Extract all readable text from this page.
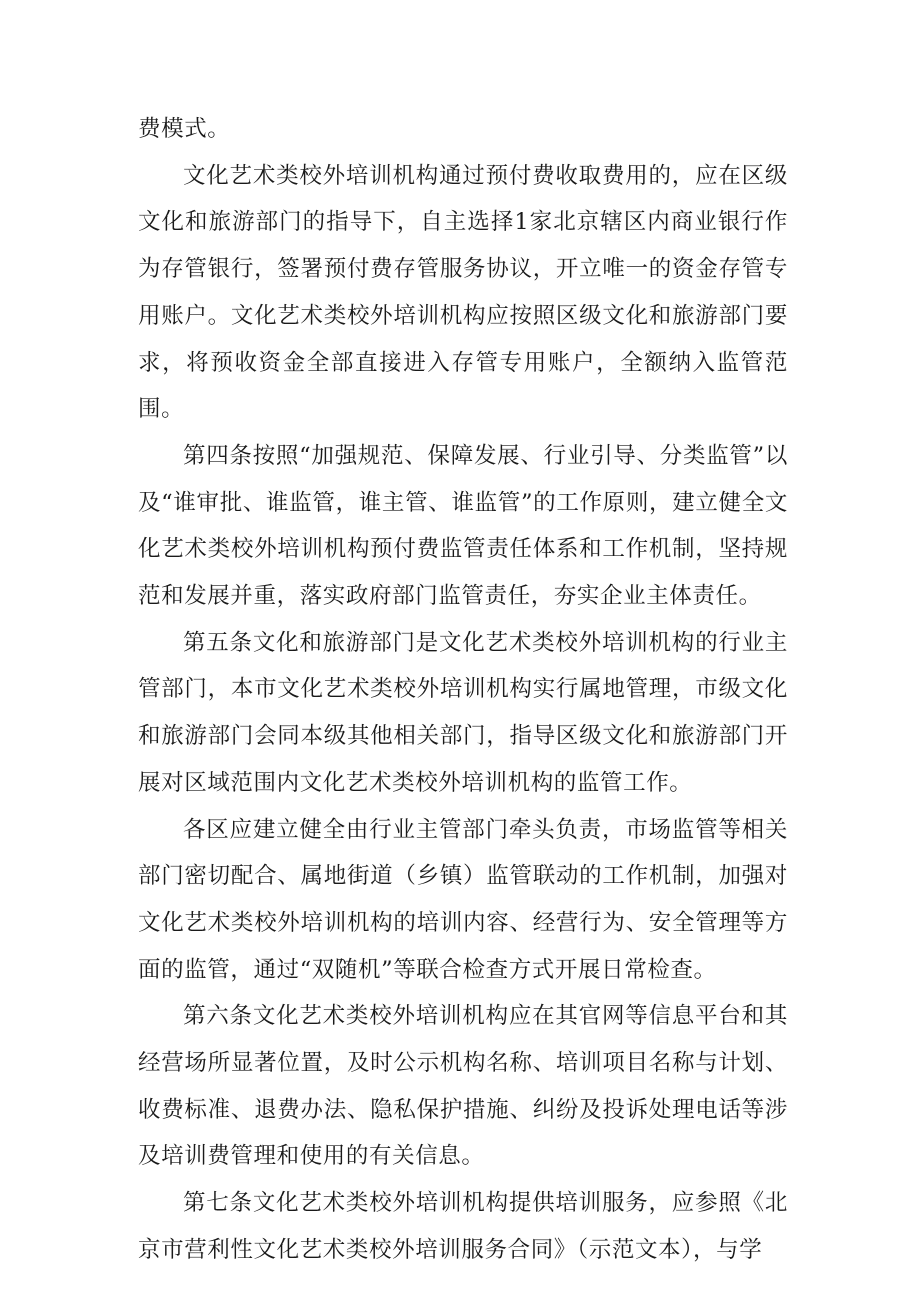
费模式。

文化艺术类校外培训机构通过预付费收取费用的，应在区级文化和旅游部门的指导下，自主选择1家北京辖区内商业银行作为存管银行，签署预付费存管服务协议，开立唯一的资金存管专用账户。文化艺术类校外培训机构应按照区级文化和旅游部门要求，将预收资金全部直接进入存管专用账户，全额纳入监管范围。

第四条按照“加强规范、保障发展、行业引导、分类监管”以及“谁审批、谁监管，谁主管、谁监管”的工作原则，建立健全文化艺术类校外培训机构预付费监管责任体系和工作机制，坚持规范和发展并重，落实政府部门监管责任，夯实企业主体责任。

第五条文化和旅游部门是文化艺术类校外培训机构的行业主管部门，本市文化艺术类校外培训机构实行属地管理，市级文化和旅游部门会同本级其他相关部门，指导区级文化和旅游部门开展对区域范围内文化艺术类校外培训机构的监管工作。

各区应建立健全由行业主管部门牵头负责，市场监管等相关部门密切配合、属地街道（乡镇）监管联动的工作机制，加强对文化艺术类校外培训机构的培训内容、经营行为、安全管理等方面的监管，通过“双随机”等联合检查方式开展日常检查。

第六条文化艺术类校外培训机构应在其官网等信息平台和其经营场所显著位置，及时公示机构名称、培训项目名称与计划、收费标准、退费办法、隐私保护措施、纠纷及投诉处理电话等涉及培训费管理和使用的有关信息。

第七条文化艺术类校外培训机构提供培训服务，应参照《北京市营利性文化艺术类校外培训服务合同》（示范文本），与学
